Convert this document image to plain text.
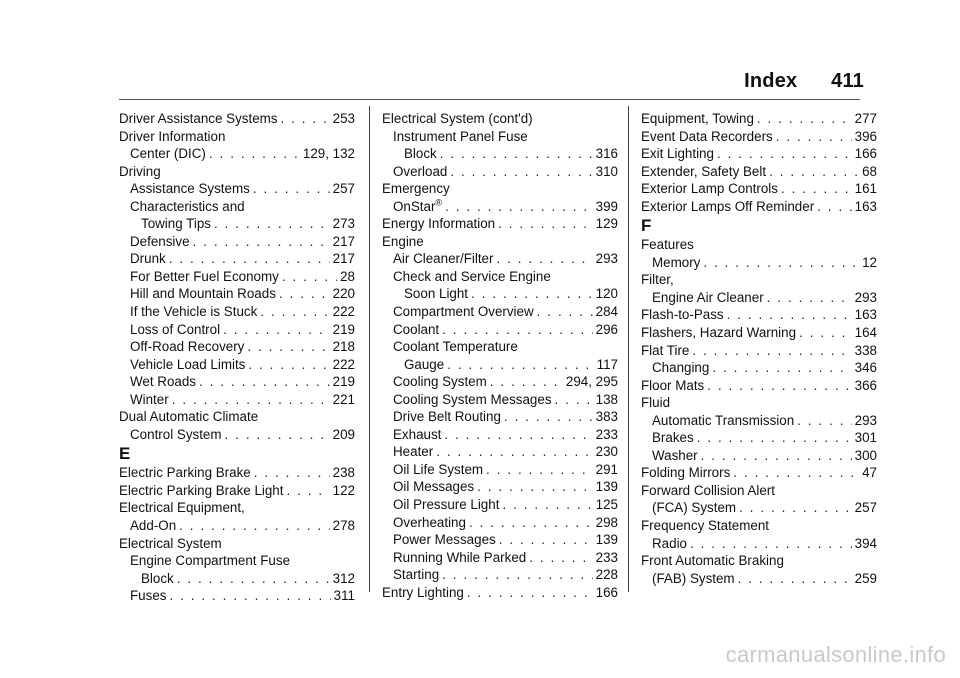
Index 411
Driver Assistance Systems . . .	253
Driver Information
Center (DIC) . . .	129, 132
Driving
Assistance Systems . . .	257
Characteristics and
Towing Tips . . .	273
Defensive . . .	217
Drunk . . .	217
For Better Fuel Economy . . .	28
Hill and Mountain Roads . . .	220
If the Vehicle is Stuck . . .	222
Loss of Control . . .	219
Off-Road Recovery . . .	218
Vehicle Load Limits . . .	222
Wet Roads . . .	219
Winter . . .	221
Dual Automatic Climate
Control System . . .	209
E
Electric Parking Brake . . .	238
Electric Parking Brake Light . . .	122
Electrical Equipment,
Add-On . . .	278
Electrical System
Engine Compartment Fuse
Block . . .	312
Fuses . . .	311
Electrical System (cont'd)
Instrument Panel Fuse
Block . . .	316
Overload . . .	310
Emergency
OnStar® . . .	399
Energy Information . . .	129
Engine
Air Cleaner/Filter . . .	293
Check and Service Engine
Soon Light . . .	120
Compartment Overview . . .	284
Coolant . . .	296
Coolant Temperature
Gauge . . .	117
Cooling System . . .	294, 295
Cooling System Messages . . .	138
Drive Belt Routing . . .	383
Exhaust . . .	233
Heater . . .	230
Oil Life System . . .	291
Oil Messages . . .	139
Oil Pressure Light . . .	125
Overheating . . .	298
Power Messages . . .	139
Running While Parked . . .	233
Starting . . .	228
Entry Lighting . . .	166
Equipment, Towing . . .	277
Event Data Recorders . . .	396
Exit Lighting . . .	166
Extender, Safety Belt . . .	68
Exterior Lamp Controls . . .	161
Exterior Lamps Off Reminder . . .	163
F
Features
Memory . . .	12
Filter,
Engine Air Cleaner . . .	293
Flash-to-Pass . . .	163
Flashers, Hazard Warning . . .	164
Flat Tire . . .	338
Changing . . .	346
Floor Mats . . .	366
Fluid
Automatic Transmission . . .	293
Brakes . . .	301
Washer . . .	300
Folding Mirrors . . .	47
Forward Collision Alert
(FCA) System . . .	257
Frequency Statement
Radio . . .	394
Front Automatic Braking
(FAB) System . . .	259
carmanualsonline.info
